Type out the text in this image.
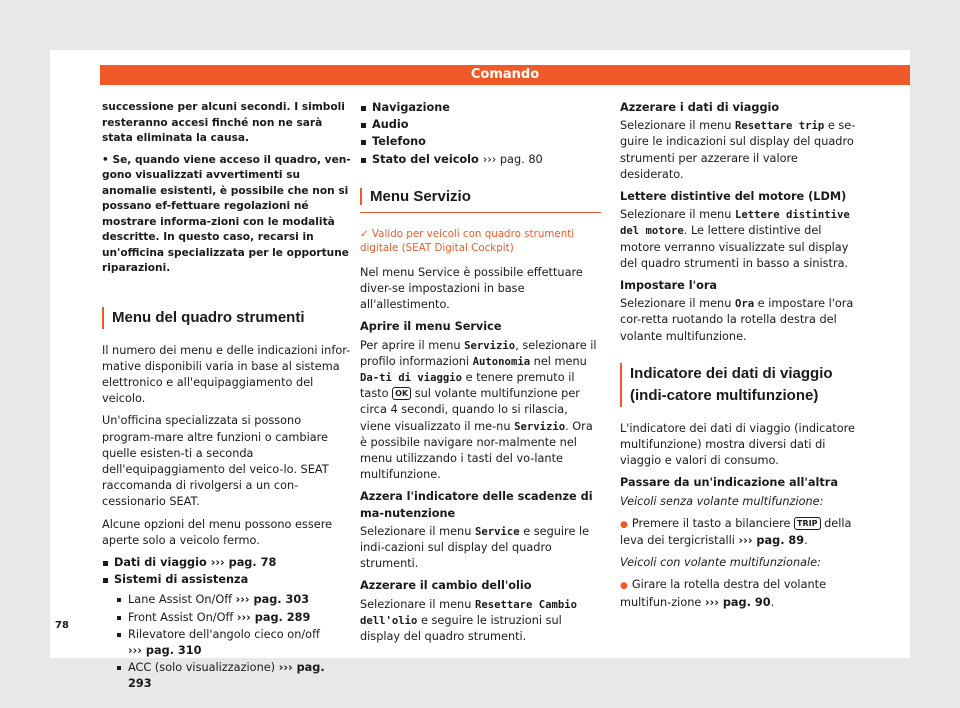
Comando

successione per alcuni secondi. I simboli resteranno accesi finché non ne sarà stata eliminata la causa.

• Se, quando viene acceso il quadro, ven-gono visualizzati avvertimenti su anomalie esistenti, è possibile che non si possano ef-fettuare regolazioni né mostrare informa-zioni con le modalità descritte. In questo caso, recarsi in un'officina specializzata per le opportune riparazioni.

Menu del quadro strumenti

Il numero dei menu e delle indicazioni infor-mative disponibili varia in base al sistema elettronico e all'equipaggiamento del veicolo.

Un'officina specializzata si possono program-mare altre funzioni o cambiare quelle esisten-ti a seconda dell'equipaggiamento del veico-lo. SEAT raccomanda di rivolgersi a un con-cessionario SEAT.

Alcune opzioni del menu possono essere aperte solo a veicolo fermo.

Dati di viaggio ››› pag. 78
Sistemi di assistenza
Lane Assist On/Off ››› pag. 303
Front Assist On/Off ››› pag. 289
Rilevatore dell'angolo cieco on/off
››› pag. 310
ACC (solo visualizzazione) ››› pag. 293
Navigazione
Audio
Telefono
Stato del veicolo ››› pag. 80
Menu Servizio
✓ Valido per veicoli con quadro strumenti digitale (SEAT Digital Cockpit)

Nel menu Service è possibile effettuare diver-se impostazioni in base all'allestimento.

Aprire il menu Service

Per aprire il menu Servizio, selezionare il profilo informazioni Autonomia nel menu Da-ti di viaggio e tenere premuto il tasto OK sul volante multifunzione per circa 4 secondi, quando lo si rilascia, viene visualizzato il me-nu Servizio. Ora è possibile navigare nor-malmente nel menu utilizzando i tasti del vo-lante multifunzione.

Azzera l'indicatore delle scadenze di ma-nutenzione

Selezionare il menu Service e seguire le indi-cazioni sul display del quadro strumenti.

Azzerare il cambio dell'olio

Selezionare il menu Resettare Cambio dell'olio e seguire le istruzioni sul display del quadro strumenti.

Azzerare i dati di viaggio

Selezionare il menu Resettare trip e se-guire le indicazioni sul display del quadro strumenti per azzerare il valore desiderato.

Lettere distintive del motore (LDM)

Selezionare il menu Lettere distintive del motore. Le lettere distintive del motore verranno visualizzate sul display del quadro strumenti in basso a sinistra.

Impostare l'ora

Selezionare il menu Ora e impostare l'ora cor-retta ruotando la rotella destra del volante multifunzione.

Indicatore dei dati di viaggio (indi-catore multifunzione)

L'indicatore dei dati di viaggio (indicatore multifunzione) mostra diversi dati di viaggio e valori di consumo.

Passare da un'indicazione all'altra

Veicoli senza volante multifunzione:

● Premere il tasto a bilanciere TRIP della leva dei tergicristalli ››› pag. 89.

Veicoli con volante multifunzionale:

● Girare la rotella destra del volante multifun-zione ››› pag. 90.

78
